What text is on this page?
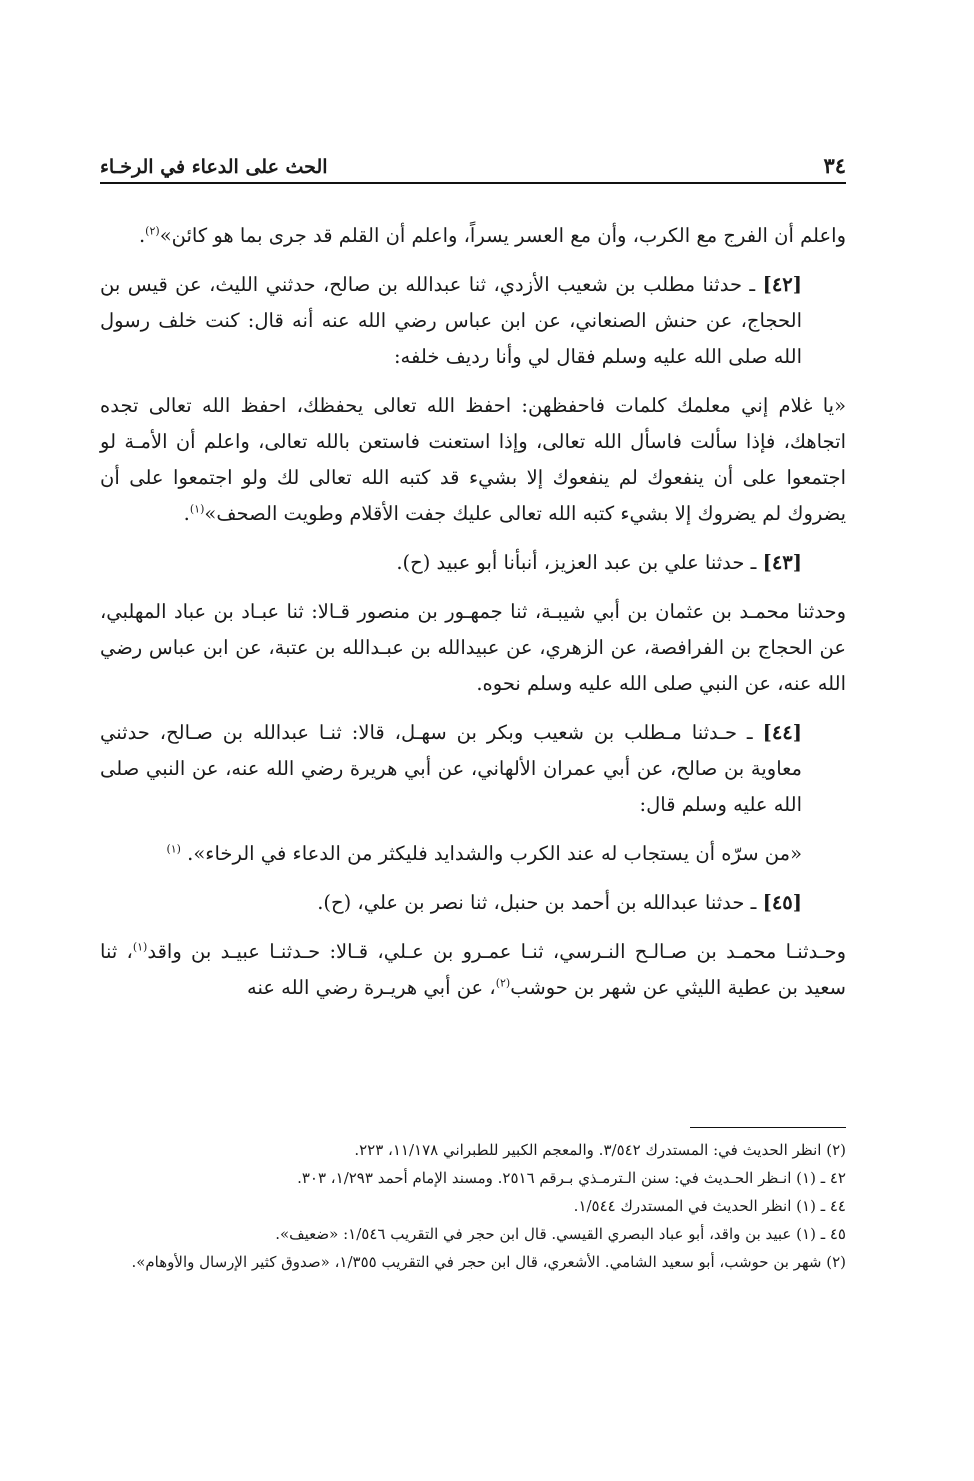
الحث على الدعاء في الرخـاء	٣٤

واعلم أن الفرج مع الكرب، وأن مع العسر يسراً، واعلم أن القلم قد جرى بما هو كائن»$^{(٢)}$.

[٤٢] ـ حدثنا مطلب بن شعيب الأزدي، ثنا عبدالله بن صالح، حدثني الليث، عن قيس بن الحجاج، عن حنش الصنعاني، عن ابن عباس رضي الله عنه أنه قال: كنت خلف رسول الله صلى الله عليه وسلم فقال لي وأنا رديف خلفه:

«يا غلام إني معلمك كلمات فاحفظهن: احفظ الله تعالى يحفظك، احفظ الله تعالى تجده اتجاهك، فإذا سألت فاسأل الله تعالى، وإذا استعنت فاستعن بالله تعالى، واعلم أن الأمـة لو اجتمعوا على أن ينفعوك لم ينفعوك إلا بشيء قد كتبه الله تعالى لك ولو اجتمعوا على أن يضروك لم يضروك إلا بشيء كتبه الله تعالى عليك جفت الأقلام وطويت الصحف»$^{(١)}$.

[٤٣] ـ حدثنا علي بن عبد العزيز، أنبأنا أبو عبيد (ح).

وحدثنا محمـد بن عثمان بن أبي شيبـة، ثنا جمهـور بن منصور قـالا: ثنا عبـاد بن عباد المهلبي، عن الحجاج بن الفرافصة، عن الزهري، عن عبيدالله بن عبـدالله بن عتبة، عن ابن عباس رضي الله عنه، عن النبي صلى الله عليه وسلم نحوه.

[٤٤] ـ حـدثنا مـطلب بن شعيب وبكر بن سهـل، قالا: ثنـا عبدالله بن صـالح، حدثني معاوية بن صالح، عن أبي عمران الألهاني، عن أبي هريرة رضي الله عنه، عن النبي صلى الله عليه وسلم قال:

«من سرّه أن يستجاب له عند الكرب والشدايد فليكثر من الدعاء في الرخاء». $^{(١)}$

[٤٥] ـ حدثنا عبدالله بن أحمد بن حنبل، ثنا نصر بن علي، (ح).

وحـدثنـا محمـد بن صـالـح النـرسي، ثنـا عمـرو بن عـلي، قـالا: حـدثنـا عبيـد بن واقد$^{(١)}$، ثنا سعيد بن عطية الليثي عن شهر بن حوشب$^{(٢)}$، عن أبي هريـرة رضي الله عنه

(٢) انظر الحديث في: المستدرك ٣/٥٤٢. والمعجم الكبير للطبراني ١١/١٧٨، ٢٢٣.

٤٢ ـ (١) انـظر الحـديث في: سنن الـترمـذي بـرقم ٢٥١٦. ومسند الإمام أحمد ١/٢٩٣، ٣٠٣.

٤٤ ـ (١) انظر الحديث في المستدرك ١/٥٤٤.

٤٥ ـ (١) عبيد بن واقد، أبو عباد البصري القيسي. قال ابن حجر في التقريب ١/٥٤٦: «ضعيف».

(٢) شهر بن حوشب، أبو سعيد الشامي. الأشعري، قال ابن حجر في التقريب ١/٣٥٥، «صدوق كثير الإرسال والأوهام».
